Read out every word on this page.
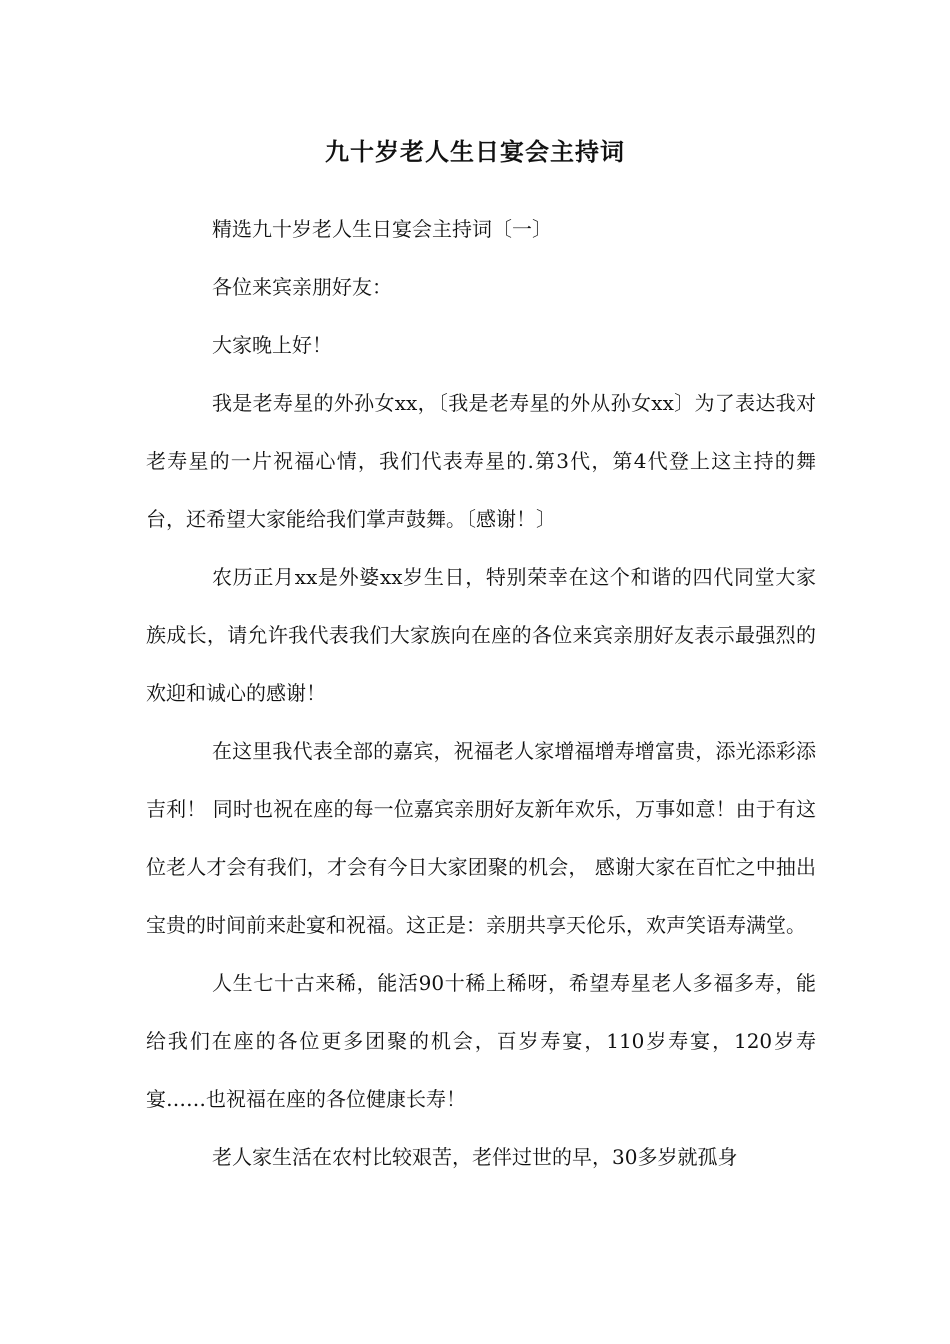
九十岁老人生日宴会主持词

精选九十岁老人生日宴会主持词〔一〕

各位来宾亲朋好友：

大家晚上好！

我是老寿星的外孙女xx，〔我是老寿星的外从孙女xx〕为了表达我对老寿星的一片祝福心情，我们代表寿星的.第3代，第4代登上这主持的舞台，还希望大家能给我们掌声鼓舞。〔感谢！〕

农历正月xx是外婆xx岁生日，特别荣幸在这个和谐的四代同堂大家族成长，请允许我代表我们大家族向在座的各位来宾亲朋好友表示最强烈的欢迎和诚心的感谢！

在这里我代表全部的嘉宾，祝福老人家增福增寿增富贵，添光添彩添吉利！ 同时也祝在座的每一位嘉宾亲朋好友新年欢乐，万事如意！由于有这位老人才会有我们，才会有今日大家团聚的机会， 感谢大家在百忙之中抽出宝贵的时间前来赴宴和祝福。这正是：亲朋共享天伦乐，欢声笑语寿满堂。

人生七十古来稀，能活90十稀上稀呀，希望寿星老人多福多寿，能给我们在座的各位更多团聚的机会，百岁寿宴，110岁寿宴，120岁寿宴……也祝福在座的各位健康长寿！

老人家生活在农村比较艰苦，老伴过世的早，30多岁就孤身
